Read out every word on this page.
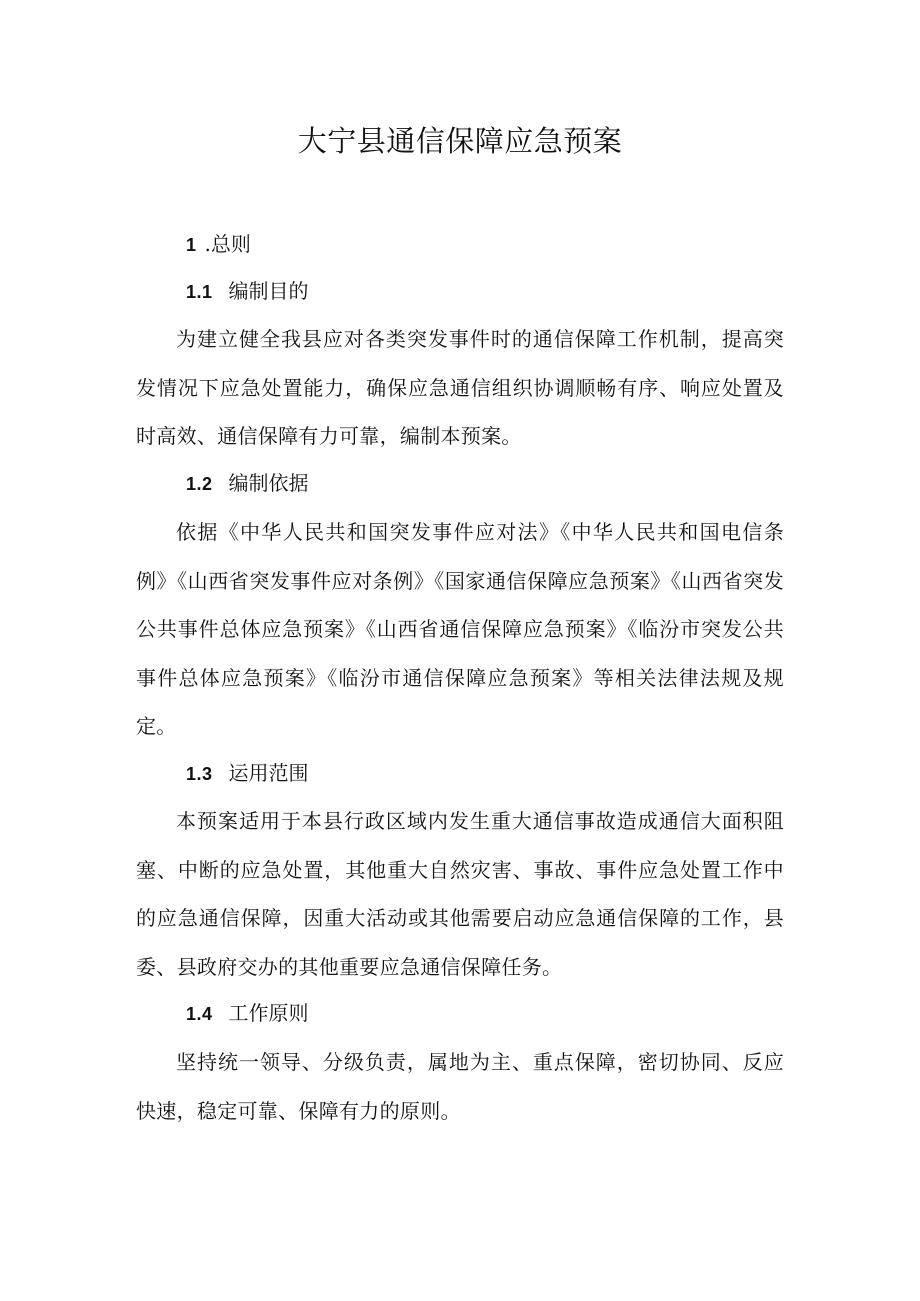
大宁县通信保障应急预案
1 .总则
1.1 编制目的

为建立健全我县应对各类突发事件时的通信保障工作机制，提高突发情况下应急处置能力，确保应急通信组织协调顺畅有序、响应处置及时高效、通信保障有力可靠，编制本预案。

1.2 编制依据

依据《中华人民共和国突发事件应对法》《中华人民共和国电信条例》《山西省突发事件应对条例》《国家通信保障应急预案》《山西省突发公共事件总体应急预案》《山西省通信保障应急预案》《临汾市突发公共事件总体应急预案》《临汾市通信保障应急预案》等相关法律法规及规定。

1.3 运用范围

本预案适用于本县行政区域内发生重大通信事故造成通信大面积阻塞、中断的应急处置，其他重大自然灾害、事故、事件应急处置工作中的应急通信保障，因重大活动或其他需要启动应急通信保障的工作，县委、县政府交办的其他重要应急通信保障任务。

1.4 工作原则

坚持统一领导、分级负责，属地为主、重点保障，密切协同、反应快速，稳定可靠、保障有力的原则。
